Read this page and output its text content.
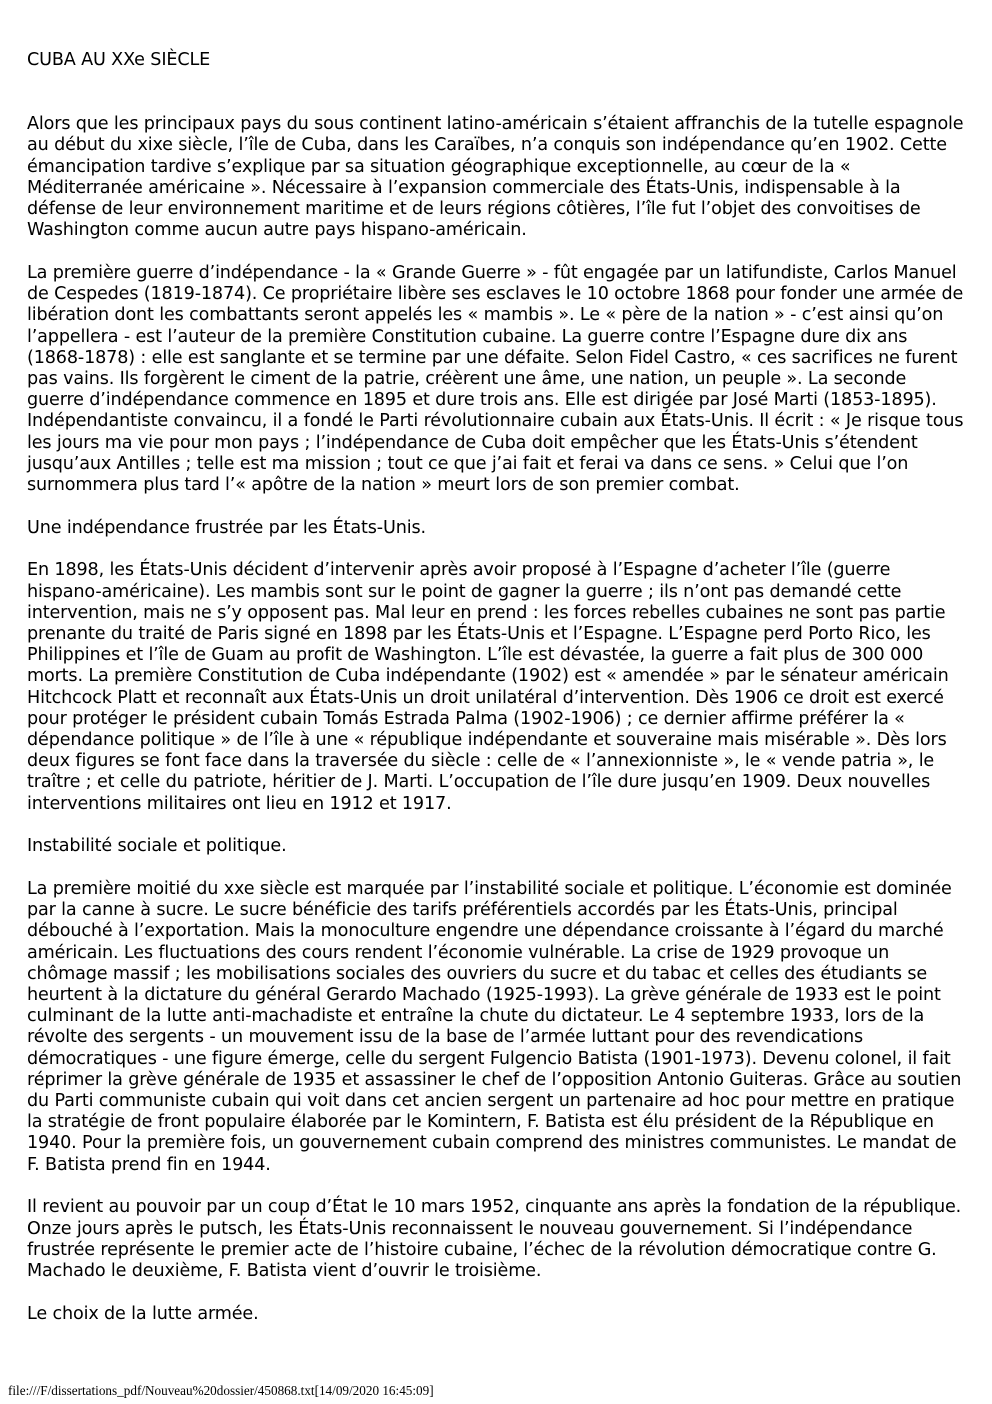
CUBA AU XXe SIÈCLE

Alors que les principaux pays du sous continent latino-américain s’étaient affranchis de la tutelle espagnole au début du xixe siècle, l’île de Cuba, dans les Caraïbes, n’a conquis son indépendance qu’en 1902. Cette émancipation tardive s’explique par sa situation géographique exceptionnelle, au cœur de la « Méditerranée américaine ». Nécessaire à l’expansion commerciale des États-Unis, indispensable à la défense de leur environnement maritime et de leurs régions côtières, l’île fut l’objet des convoitises de Washington comme aucun autre pays hispano-américain.

La première guerre d’indépendance - la « Grande Guerre » - fût engagée par un latifundiste, Carlos Manuel de Cespedes (1819-1874). Ce propriétaire libère ses esclaves le 10 octobre 1868 pour fonder une armée de libération dont les combattants seront appelés les « mambis ». Le « père de la nation » - c’est ainsi qu’on l’appellera - est l’auteur de la première Constitution cubaine. La guerre contre l’Espagne dure dix ans (1868-1878) : elle est sanglante et se termine par une défaite. Selon Fidel Castro, « ces sacrifices ne furent pas vains. Ils forgèrent le ciment de la patrie, créèrent une âme, une nation, un peuple ». La seconde guerre d’indépendance commence en 1895 et dure trois ans. Elle est dirigée par José Marti (1853-1895). Indépendantiste convaincu, il a fondé le Parti révolutionnaire cubain aux États-Unis. Il écrit : « Je risque tous les jours ma vie pour mon pays ; l’indépendance de Cuba doit empêcher que les États-Unis s’étendent jusqu’aux Antilles ; telle est ma mission ; tout ce que j’ai fait et ferai va dans ce sens. » Celui que l’on surnommera plus tard l’« apôtre de la nation » meurt lors de son premier combat.

Une indépendance frustrée par les États-Unis.

En 1898, les États-Unis décident d’intervenir après avoir proposé à l’Espagne d’acheter l’île (guerre hispano-américaine). Les mambis sont sur le point de gagner la guerre ; ils n’ont pas demandé cette intervention, mais ne s’y opposent pas. Mal leur en prend : les forces rebelles cubaines ne sont pas partie prenante du traité de Paris signé en 1898 par les États-Unis et l’Espagne. L’Espagne perd Porto Rico, les Philippines et l’île de Guam au profit de Washington. L’île est dévastée, la guerre a fait plus de 300 000 morts. La première Constitution de Cuba indépendante (1902) est « amendée » par le sénateur américain Hitchcock Platt et reconnaît aux États-Unis un droit unilatéral d’intervention. Dès 1906 ce droit est exercé pour protéger le président cubain Tomás Estrada Palma (1902-1906) ; ce dernier affirme préférer la « dépendance politique » de l’île à une « république indépendante et souveraine mais misérable ». Dès lors deux figures se font face dans la traversée du siècle : celle de « l’annexionniste », le « vende patria », le traître ; et celle du patriote, héritier de J. Marti. L’occupation de l’île dure jusqu’en 1909. Deux nouvelles interventions militaires ont lieu en 1912 et 1917.

Instabilité sociale et politique.

La première moitié du xxe siècle est marquée par l’instabilité sociale et politique. L’économie est dominée par la canne à sucre. Le sucre bénéficie des tarifs préférentiels accordés par les États-Unis, principal débouché à l’exportation. Mais la monoculture engendre une dépendance croissante à l’égard du marché américain. Les fluctuations des cours rendent l’économie vulnérable. La crise de 1929 provoque un chômage massif ; les mobilisations sociales des ouvriers du sucre et du tabac et celles des étudiants se heurtent à la dictature du général Gerardo Machado (1925-1993). La grève générale de 1933 est le point culminant de la lutte anti-machadiste et entraîne la chute du dictateur. Le 4 septembre 1933, lors de la révolte des sergents - un mouvement issu de la base de l’armée luttant pour des revendications démocratiques - une figure émerge, celle du sergent Fulgencio Batista (1901-1973). Devenu colonel, il fait réprimer la grève générale de 1935 et assassiner le chef de l’opposition Antonio Guiteras. Grâce au soutien du Parti communiste cubain qui voit dans cet ancien sergent un partenaire ad hoc pour mettre en pratique la stratégie de front populaire élaborée par le Komintern, F. Batista est élu président de la République en 1940. Pour la première fois, un gouvernement cubain comprend des ministres communistes. Le mandat de F. Batista prend fin en 1944.

Il revient au pouvoir par un coup d’État le 10 mars 1952, cinquante ans après la fondation de la république. Onze jours après le putsch, les États-Unis reconnaissent le nouveau gouvernement. Si l’indépendance frustrée représente le premier acte de l’histoire cubaine, l’échec de la révolution démocratique contre G. Machado le deuxième, F. Batista vient d’ouvrir le troisième.

Le choix de la lutte armée.

file:///F/dissertations_pdf/Nouveau%20dossier/450868.txt[14/09/2020 16:45:09]
